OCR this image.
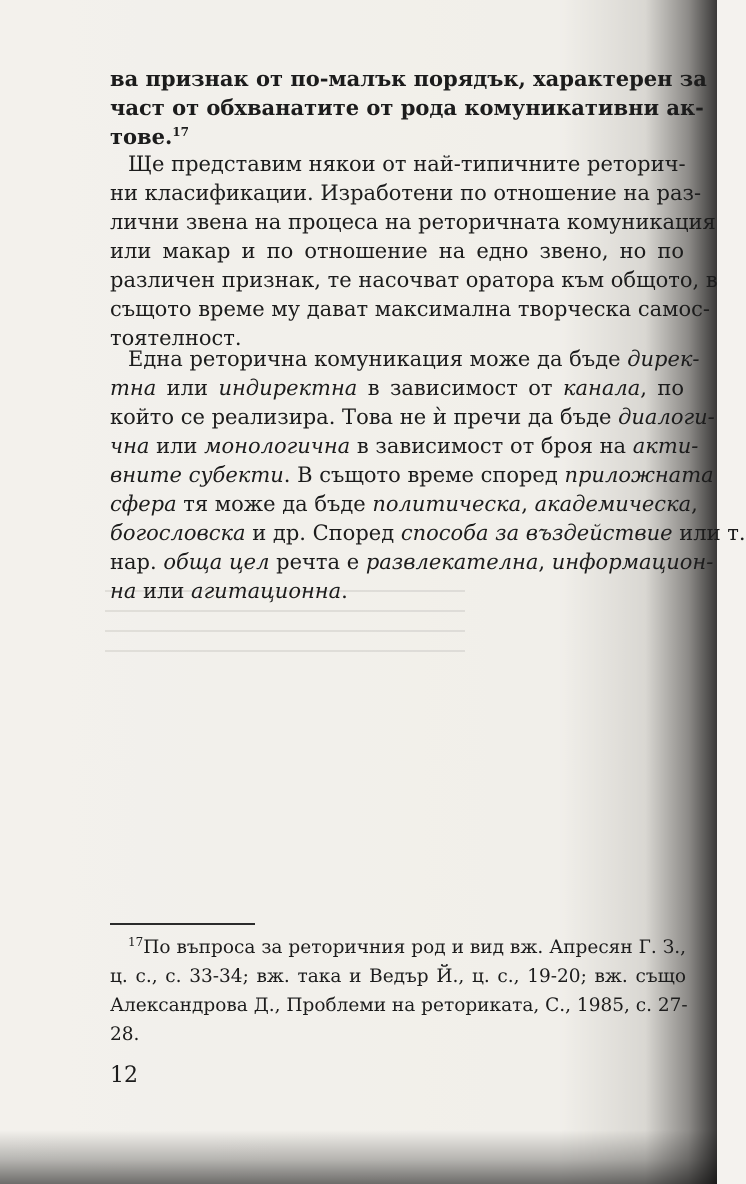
ва признак от по-малък порядък, характерен за
част от обхванатите от рода комуникативни ак-
тове.$^{17}$
Ще представим някои от най-типичните реторич-
ни класификации. Изработени по отношение на раз-
лични звена на процеса на реторичната комуникация
или макар и по отношение на едно звено, но по
различен признак, те насочват оратора към общото, в
същото време му дават максимална творческа самос-
тоятелност.
Една реторична комуникация може да бъде дирек-
тна или индиректна в зависимост от канала, по
който се реализира. Това не ѝ пречи да бъде диалоги-
чна или монологична в зависимост от броя на акти-
вните субекти. В същото време според приложната
сфера тя може да бъде политическа, академическа,
богословска и др. Според способа за въздействие или т.
нар. обща цел речта е развлекателна, информацион-
на или агитационна.
$^{17}$По въпроса за реторичния род и вид вж. Апресян Г. З.,
ц. с., с. 33-34; вж. така и Ведър Й., ц. с., 19-20; вж. също
Александрова Д., Проблеми на реториката, С., 1985, с. 27-
28.
12
